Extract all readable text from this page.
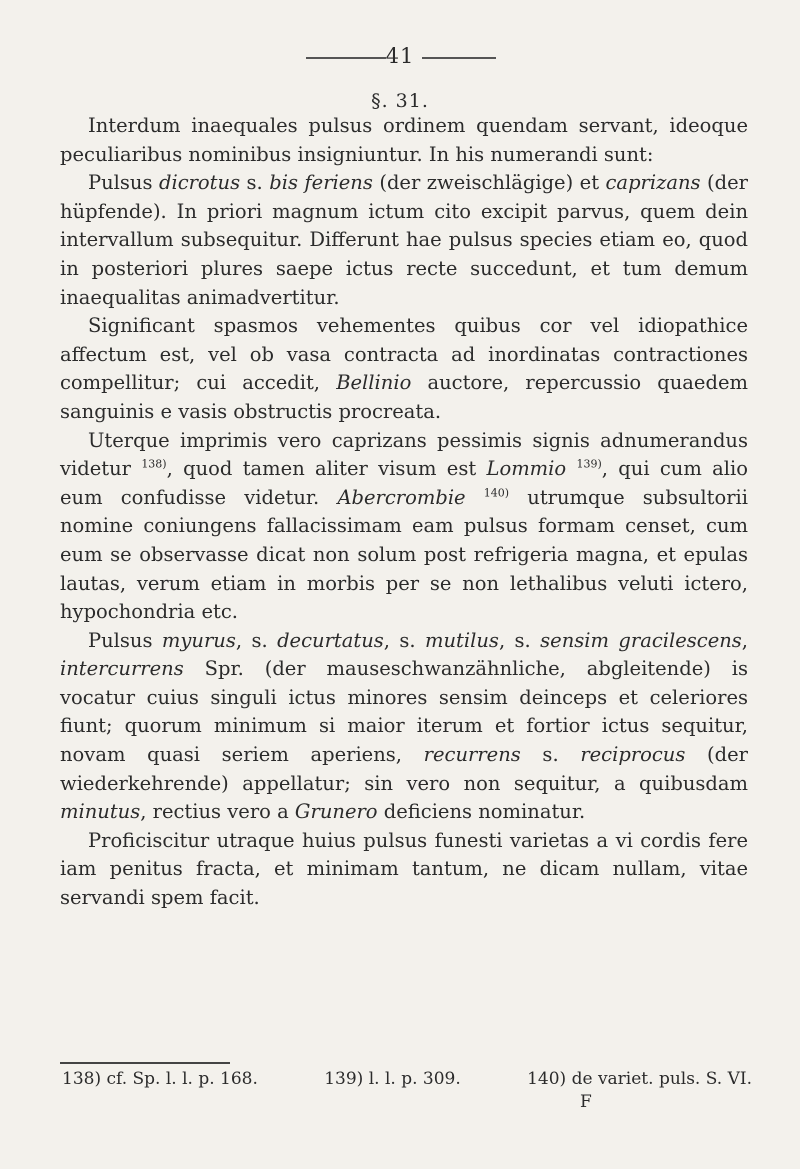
41
§. 31.

Interdum inaequales pulsus ordinem quendam servant, ideoque peculiaribus nominibus insigniuntur. In his numerandi sunt:

Pulsus dicrotus s. bis feriens (der zweischlägige) et caprizans (der hüpfende). In priori magnum ictum cito excipit parvus, quem dein intervallum subsequitur. Differunt hae pulsus species etiam eo, quod in posteriori plures saepe ictus recte succedunt, et tum demum inaequalitas animadvertitur.

Significant spasmos vehementes quibus cor vel idiopathice affectum est, vel ob vasa contracta ad inordinatas contractiones compellitur; cui accedit, Bellinio auctore, repercussio quaedem sanguinis e vasis obstructis procreata.

Uterque imprimis vero caprizans pessimis signis adnumerandus videtur $^{138)}$, quod tamen aliter visum est Lommio $^{139)}$, qui cum alio eum confudisse videtur. Abercrombie $^{140)}$ utrumque subsultorii nomine coniungens fallacissimam eam pulsus formam censet, cum eum se observasse dicat non solum post refrigeria magna, et epulas lautas, verum etiam in morbis per se non lethalibus veluti ictero, hypochondria etc.

Pulsus myurus, s. decurtatus, s. mutilus, s. sensim gracilescens, intercurrens Spr. (der mauseschwanzähnliche, abgleitende) is vocatur cuius singuli ictus minores sensim deinceps et celeriores fiunt; quorum minimum si maior iterum et fortior ictus sequitur, novam quasi seriem aperiens, recurrens s. reciprocus (der wiederkehrende) appellatur; sin vero non sequitur, a quibusdam minutus, rectius vero a Grunero deficiens nominatur.

Proficiscitur utraque huius pulsus funesti varietas a vi cordis fere iam penitus fracta, et minimam tantum, ne dicam nullam, vitae servandi spem facit.

138) cf. Sp. l. l. p. 168.	139) l. l. p. 309.	140) de variet. puls. S. VI.
F
